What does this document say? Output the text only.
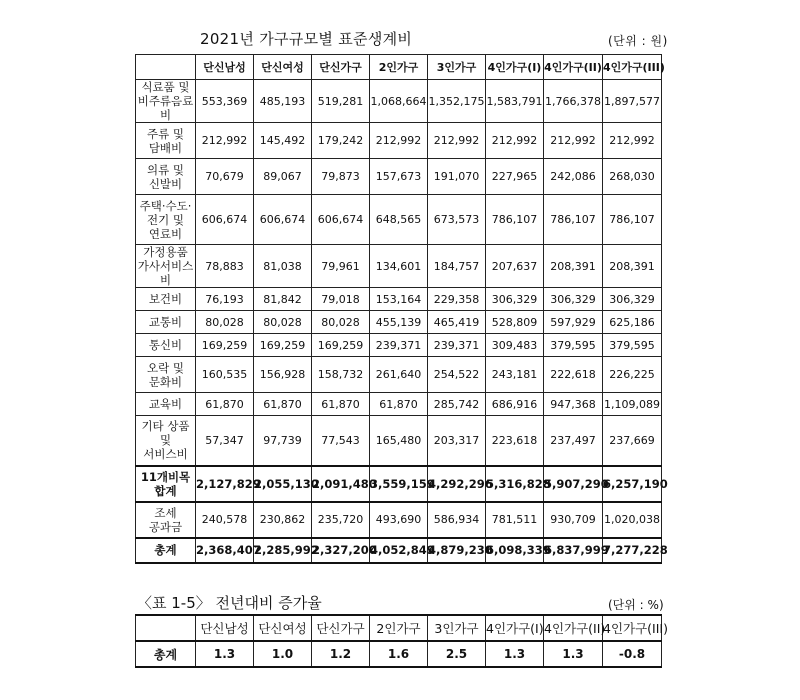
2021년 가구규모별 표준생계비	(단위 : 원)
	단신남성	단신여성	단신가구	2인가구	3인가구	4인가구(I)	4인가구(II)	4인가구(III)

식료품 및
비주류음료비	553,369	485,193	519,281	1,068,664	1,352,175	1,583,791	1,766,378	1,897,577

주류 및
담배비	212,992	145,492	179,242	212,992	212,992	212,992	212,992	212,992

의류 및
신발비	70,679	89,067	79,873	157,673	191,070	227,965	242,086	268,030

주택·수도·
전기 및
연료비	606,674	606,674	606,674	648,565	673,573	786,107	786,107	786,107

가정용품
가사서비스비	78,883	81,038	79,961	134,601	184,757	207,637	208,391	208,391

보건비	76,193	81,842	79,018	153,164	229,358	306,329	306,329	306,329

교통비	80,028	80,028	80,028	455,139	465,419	528,809	597,929	625,186

통신비	169,259	169,259	169,259	239,371	239,371	309,483	379,595	379,595

오락 및
문화비	160,535	156,928	158,732	261,640	254,522	243,181	222,618	226,225

교육비	61,870	61,870	61,870	61,870	285,742	686,916	947,368	1,109,089

기타 상품
및
서비스비	57,347	97,739	77,543	165,480	203,317	223,618	237,497	237,669

11개비목
합계	2,127,829	2,055,130	2,091,480	3,559,159	4,292,296	5,316,828	5,907,290	6,257,190

조세
공과금	240,578	230,862	235,720	493,690	586,934	781,511	930,709	1,020,038
총계	2,368,407	2,285,992	2,327,200	4,052,849	4,879,230	6,098,339	6,837,999	7,277,228
〈표 1-5〉 전년대비 증가율	(단위 : %)
	단신남성	단신여성	단신가구	2인가구	3인가구	4인가구(I)	4인가구(II)	4인가구(III)
총계	1.3	1.0	1.2	1.6	2.5	1.3	1.3	-0.8
